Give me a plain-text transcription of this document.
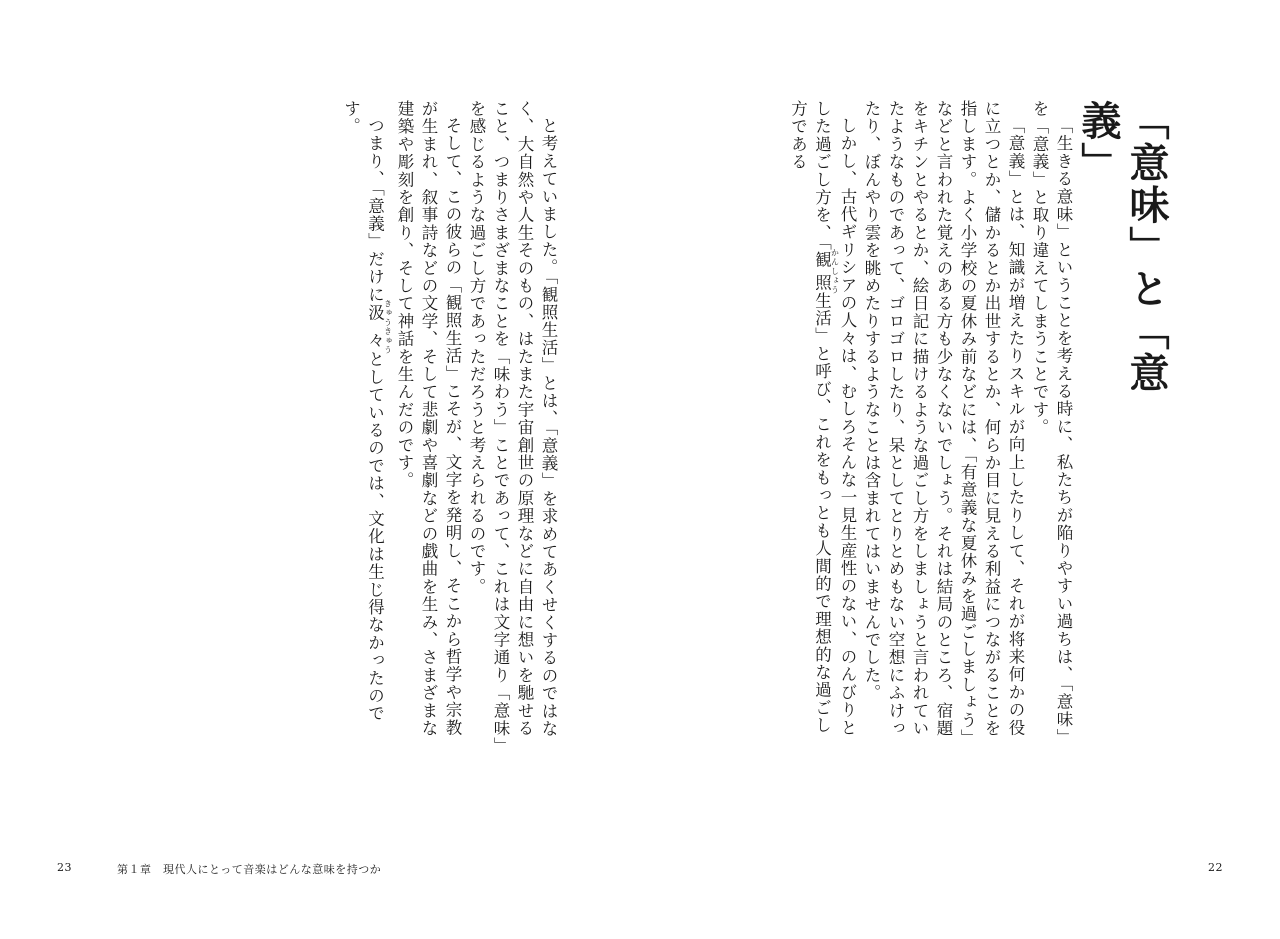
と考えていました。「観照生活」とは、「意義」を求めてあくせくするのではなく、大自然や人生そのもの、はたまた宇宙創世の原理などに自由に想いを馳せること、つまりさまざまなことを「味わう」ことであって、これは文字通り「意味」を感じるような過ごし方であっただろうと考えられるのです。

そして、この彼らの「観照生活」こそが、文字を発明し、そこから哲学や宗教が生まれ、叙事詩などの文学、そして悲劇や喜劇などの戯曲を生み、さまざまな建築や彫刻を創り、そして神話を生んだのです。

つまり、「意義」だけに汲々 きゅうきゅうとしているのでは、文化は生じ得なかったのです。

23	第１章　現代人にとって音楽はどんな意味を持つか
「意味」と「意義」

「生きる意味」ということを考える時に、私たちが陥りやすい過ちは、「意味」を「意義」と取り違えてしまうことです。

「意義」とは、知識が増えたりスキルが向上したりして、それが将来何かの役に立つとか、儲かるとか出世するとか、何らか目に見える利益につながることを指します。よく小学校の夏休み前などには、「有意義な夏休みを過ごしましょう」などと言われた覚えのある方も少なくないでしょう。それは結局のところ、宿題をキチンとやるとか、絵日記に描けるような過ごし方をしましょうと言われていたようなものであって、ゴロゴロしたり、呆としてとりとめもない空想にふけったり、ぼんやり雲を眺めたりするようなことは含まれてはいませんでした。

しかし、古代ギリシアの人々は、むしろそんな一見生産性のない、のんびりとした過ごし方を、「観照 かんしょう生活」と呼び、これをもっとも人間的で理想的な過ごし方である

22
